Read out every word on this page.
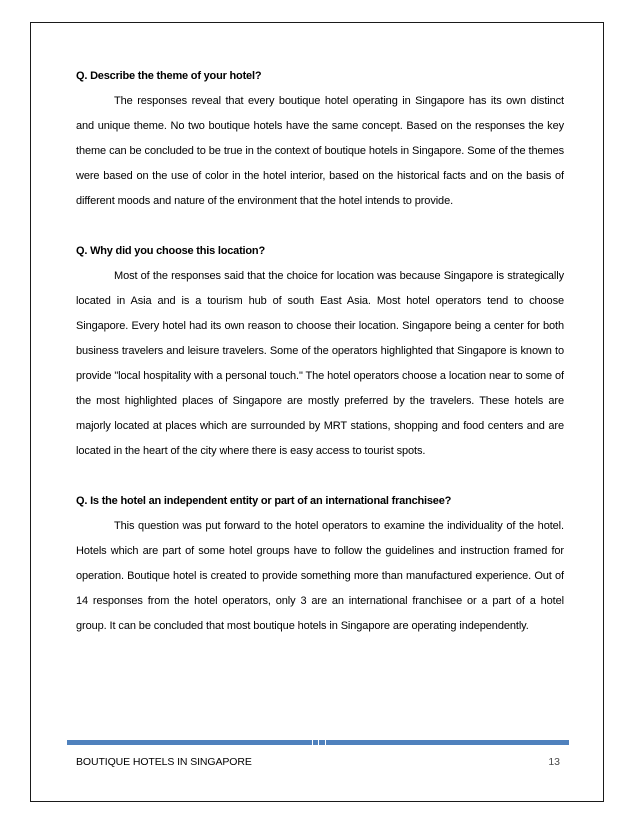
Q. Describe the theme of your hotel?

The responses reveal that every boutique hotel operating in Singapore has its own distinct and unique theme. No two boutique hotels have the same concept. Based on the responses the key theme can be concluded to be true in the context of boutique hotels in Singapore. Some of the themes were based on the use of color in the hotel interior, based on the historical facts and on the basis of different moods and nature of the environment that the hotel intends to provide.

Q. Why did you choose this location?

Most of the responses said that the choice for location was because Singapore is strategically located in Asia and is a tourism hub of south East Asia. Most hotel operators tend to choose Singapore. Every hotel had its own reason to choose their location. Singapore being a center for both business travelers and leisure travelers. Some of the operators highlighted that Singapore is known to provide "local hospitality with a personal touch." The hotel operators choose a location near to some of the most highlighted places of Singapore are mostly preferred by the travelers. These hotels are majorly located at places which are surrounded by MRT stations, shopping and food centers and are located in the heart of the city where there is easy access to tourist spots.

Q. Is the hotel an independent entity or part of an international franchisee?

This question was put forward to the hotel operators to examine the individuality of the hotel. Hotels which are part of some hotel groups have to follow the guidelines and instruction framed for operation. Boutique hotel is created to provide something more than manufactured experience. Out of 14 responses from the hotel operators, only 3 are an international franchisee or a part of a hotel group. It can be concluded that most boutique hotels in Singapore are operating independently.

BOUTIQUE HOTELS IN SINGAPORE	13
